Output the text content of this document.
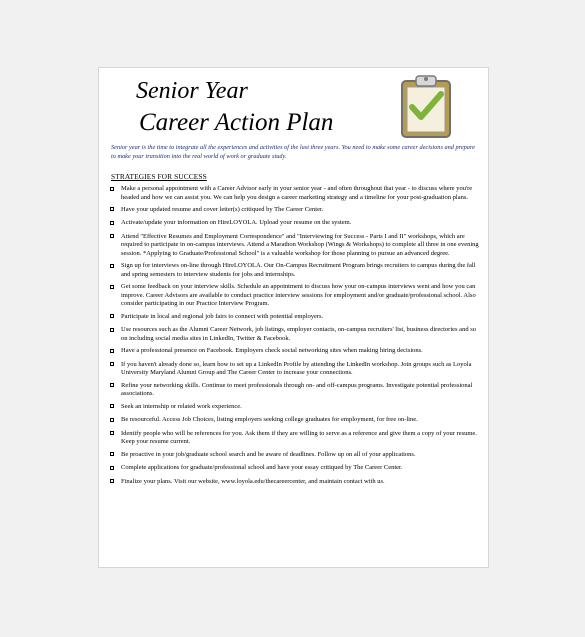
Senior Year
Career Action Plan
Senior year is the time to integrate all the experiences and activities of the last three years. You need to make some career decisions and prepare to make your transition into the real world of work or graduate study.
STRATEGIES FOR SUCCESS
Make a personal appointment with a Career Advisor early in your senior year - and often throughout that year - to discuss where you're headed and how we can assist you. We can help you design a career marketing strategy and a timeline for your post-graduation plans.
Have your updated resume and cover letter(s) critiqued by The Career Center.
Activate/update your information on HireLOYOLA. Upload your resume on the system.
Attend "Effective Resumes and Employment Correspondence" and "Interviewing for Success - Parts I and II" workshops, which are required to participate in on-campus interviews. Attend a Marathon Workshop (Wings & Workshops) to complete all three in one evening session. *Applying to Graduate/Professional School" is a valuable workshop for those planning to pursue an advanced degree.
Sign up for interviews on-line through HireLOYOLA. Our On-Campus Recruitment Program brings recruiters to campus during the fall and spring semesters to interview students for jobs and internships.
Get some feedback on your interview skills. Schedule an appointment to discuss how your on-campus interviews went and how you can improve. Career Advisors are available to conduct practice interview sessions for employment and/or graduate/professional school. Also consider participating in our Practice Interview Program.
Participate in local and regional job fairs to connect with potential employers.
Use resources such as the Alumni Career Network, job listings, employer contacts, on-campus recruiters' list, business directories and so on including social media sites in LinkedIn, Twitter & Facebook.
Have a professional presence on Facebook. Employers check social networking sites when making hiring decisions.
If you haven't already done so, learn how to set up a LinkedIn Profile by attending the LinkedIn workshop. Join groups such as Loyola University Maryland Alumni Group and The Career Center to increase your connections.
Refine your networking skills. Continue to meet professionals through on- and off-campus programs. Investigate potential professional associations.
Seek an internship or related work experience.
Be resourceful. Access Job Choices, listing employers seeking college graduates for employment, for free on-line.
Identify people who will be references for you. Ask them if they are willing to serve as a reference and give them a copy of your resume. Keep your resume current.
Be proactive in your job/graduate school search and be aware of deadlines. Follow up on all of your applications.
Complete applications for graduate/professional school and have your essay critiqued by The Career Center.
Finalize your plans. Visit our website, www.loyola.edu/thecareercenter, and maintain contact with us.
